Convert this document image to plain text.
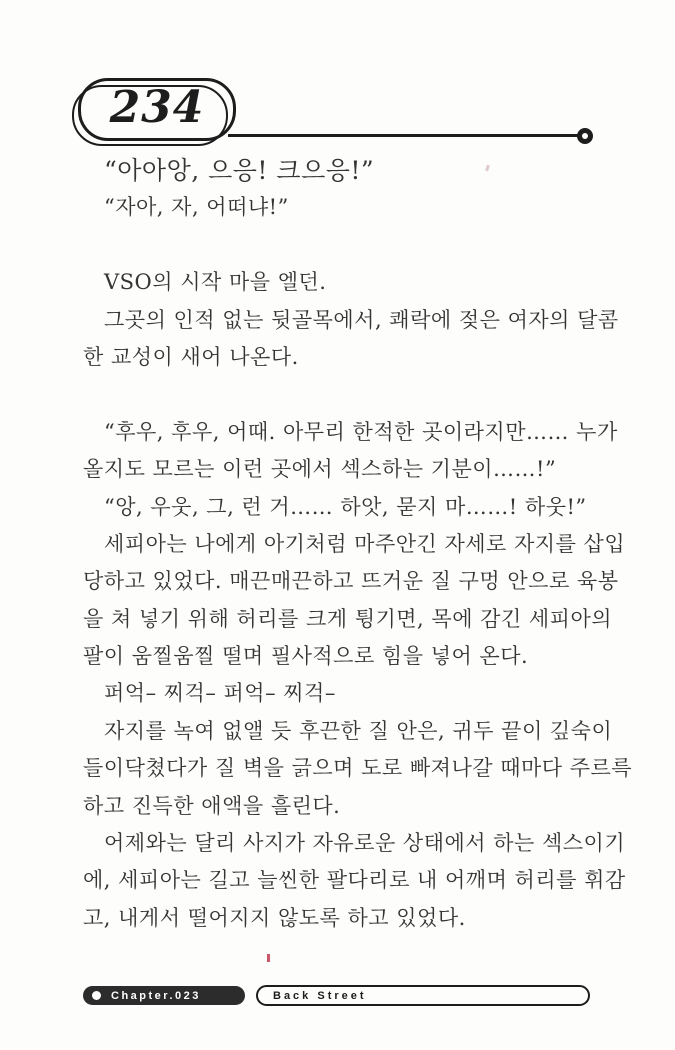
234
“아아앙, 으응! 크으응!”
“자아, 자, 어떠냐!”
VSO의 시작 마을 엘던.
그곳의 인적 없는 뒷골목에서, 쾌락에 젖은 여자의 달콤
한 교성이 새어 나온다.
“후우, 후우, 어때. 아무리 한적한 곳이라지만…… 누가
올지도 모르는 이런 곳에서 섹스하는 기분이……!”
“앙, 우웃, 그, 런 거…… 하앗, 묻지 마……! 하웃!”
세피아는 나에게 아기처럼 마주안긴 자세로 자지를 삽입
당하고 있었다. 매끈매끈하고 뜨거운 질 구멍 안으로 육봉
을 쳐 넣기 위해 허리를 크게 튕기면, 목에 감긴 세피아의
팔이 움찔움찔 떨며 필사적으로 힘을 넣어 온다.
퍼억– 찌걱– 퍼억– 찌걱–
자지를 녹여 없앨 듯 후끈한 질 안은, 귀두 끝이 깊숙이
들이닥쳤다가 질 벽을 긁으며 도로 빠져나갈 때마다 주르륵
하고 진득한 애액을 흘린다.
어제와는 달리 사지가 자유로운 상태에서 하는 섹스이기
에, 세피아는 길고 늘씬한 팔다리로 내 어깨며 허리를 휘감
고, 내게서 떨어지지 않도록 하고 있었다.
Chapter.023	Back Street
